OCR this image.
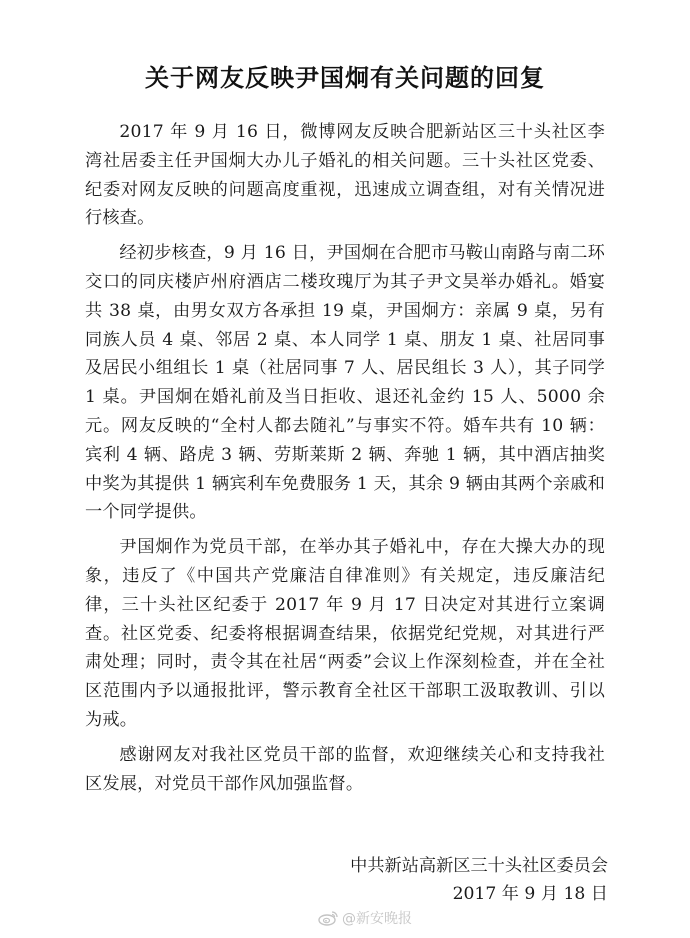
关于网友反映尹国炯有关问题的回复

2017 年 9 月 16 日，微博网友反映合肥新站区三十头社区李湾社居委主任尹国炯大办儿子婚礼的相关问题。三十头社区党委、纪委对网友反映的问题高度重视，迅速成立调查组，对有关情况进行核查。

经初步核查，9 月 16 日，尹国炯在合肥市马鞍山南路与南二环交口的同庆楼庐州府酒店二楼玫瑰厅为其子尹文昊举办婚礼。婚宴共 38 桌，由男女双方各承担 19 桌，尹国炯方：亲属 9 桌，另有同族人员 4 桌、邻居 2 桌、本人同学 1 桌、朋友 1 桌、社居同事及居民小组组长 1 桌（社居同事 7 人、居民组长 3 人），其子同学 1 桌。尹国炯在婚礼前及当日拒收、退还礼金约 15 人、5000 余元。网友反映的“全村人都去随礼”与事实不符。婚车共有 10 辆：宾利 4 辆、路虎 3 辆、劳斯莱斯 2 辆、奔驰 1 辆，其中酒店抽奖中奖为其提供 1 辆宾利车免费服务 1 天，其余 9 辆由其两个亲戚和一个同学提供。

尹国炯作为党员干部，在举办其子婚礼中，存在大操大办的现象，违反了《中国共产党廉洁自律准则》有关规定，违反廉洁纪律，三十头社区纪委于 2017 年 9 月 17 日决定对其进行立案调查。社区党委、纪委将根据调查结果，依据党纪党规，对其进行严肃处理；同时，责令其在社居“两委”会议上作深刻检查，并在全社区范围内予以通报批评，警示教育全社区干部职工汲取教训、引以为戒。

感谢网友对我社区党员干部的监督，欢迎继续关心和支持我社区发展，对党员干部作风加强监督。

中共新站高新区三十头社区委员会
2017 年 9 月 18 日
@新安晚报
